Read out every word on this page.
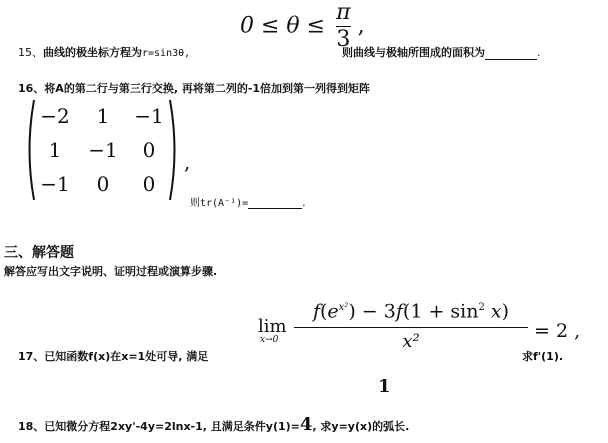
$0 \le \theta \le \frac{\pi}{3}$ ,
15、曲线的极坐标方程为r=sin3θ,	则曲线与极轴所围成的面积为	.
16、将A的第二行与第三行交换, 再将第二列的-1倍加到第一列得到矩阵
−2	1	−1
1	−1	0
−1	0	0
,
则tr(A⁻¹)=	.
三、解答题
解答应写出文字说明、证明过程或演算步骤.
lim
x→0
$f(e^{x^2}) - 3f(1 + \sin^2 x)$
x²	= 2 ,
17、已知函数f(x)在x=1处可导, 满足	求f'(1).
1
18、已知微分方程2xy'-4y=2lnx-1, 且满足条件y(1)=4, 求y=y(x)的弧长.
